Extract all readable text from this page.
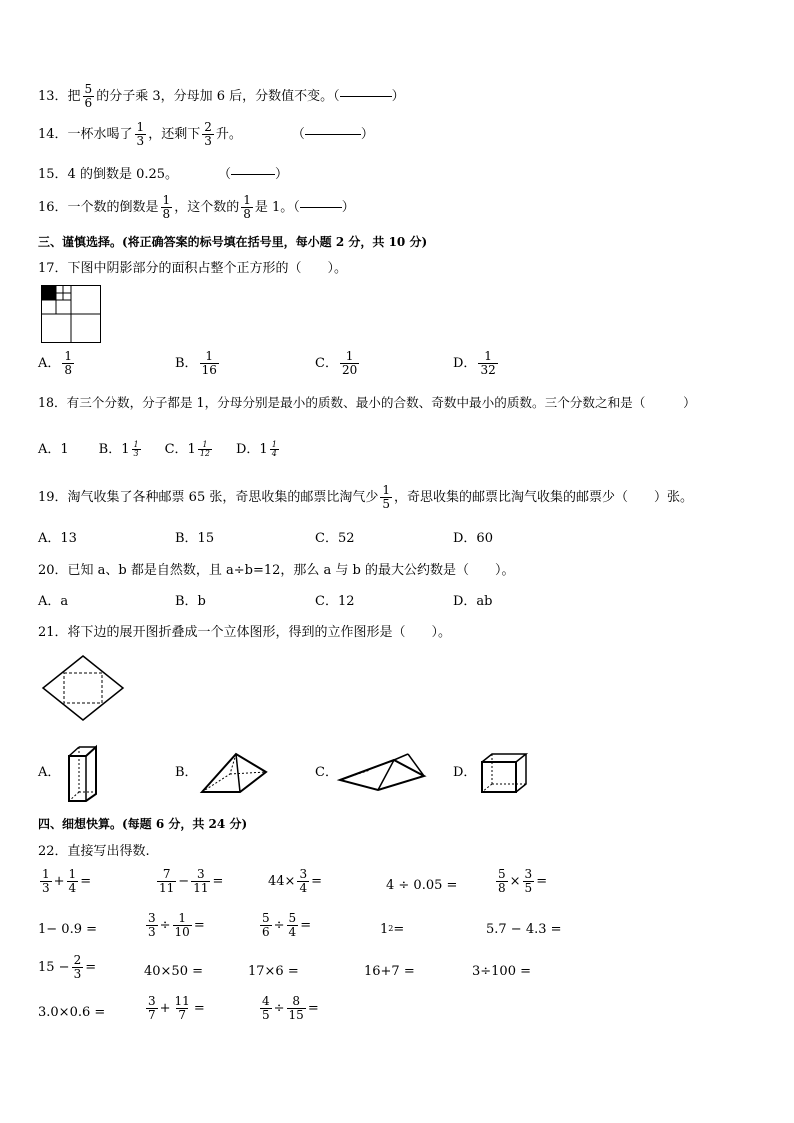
13．把 $\frac{5}{6}$ 的分子乘 3，分母加 6 后，分数值不变。（	）
14．一杯水喝了 $\frac{1}{3}$ ，还剩下 $\frac{2}{3}$ 升。	（	）
15．4 的倒数是 0.25。	（	）
16．一个数的倒数是 $\frac{1}{8}$ ，这个数的 $\frac{1}{8}$ 是 1。（	）
三、谨慎选择。(将正确答案的标号填在括号里，每小题 2 分，共 10 分)
17．下图中阴影部分的面积占整个正方形的（　　）。
A． $\frac{1}{8}$	B． $\frac{1}{16}$	C． $\frac{1}{20}$	D． $\frac{1}{32}$
18．有三个分数，分子都是 1，分母分别是最小的质数、最小的合数、奇数中最小的质数。三个分数之和是（　　　）
A．1 B．$1 \frac{1}{3}$ C．$1 \frac{1}{12}$ D．$1 \frac{1}{4}$
19．淘气收集了各种邮票 65 张，奇思收集的邮票比淘气少 $\frac{1}{5}$ ，奇思收集的邮票比淘气收集的邮票少（　　）张。
A．13	B．15	C．52	D．60
20．已知 a、b 都是自然数，且 a÷b=12，那么 a 与 b 的最大公约数是（　　）。
A．a	B．b	C．12	D．ab
21．将下边的展开图折叠成一个立体图形，得到的立作图形是（　　）。
A．	B．	C．	D．
四、细想快算。(每题 6 分，共 24 分)
22．直接写出得数.
$\frac{1}{3} + \frac{1}{4}$ =	$\frac{7}{11} - \frac{3}{11}$ =	$44\times \frac{3}{4}$ =	4 ÷ 0.05 =	$\frac{5}{8} \times \frac{3}{5}$ =
1− 0.9 =	$\frac{3}{3} \div \frac{1}{10}$ =	$\frac{5}{6} \div \frac{5}{4}$ =	1 2 =	5.7 − 4.3 =
$15 - \frac{2}{3}$ =	40×50 =	17×6 =	16+7 =	3÷100 =
3.0×0.6 =	$\frac{3}{7} + \frac{11}{7}$ =	$\frac{4}{5} \div \frac{8}{15}$ =
